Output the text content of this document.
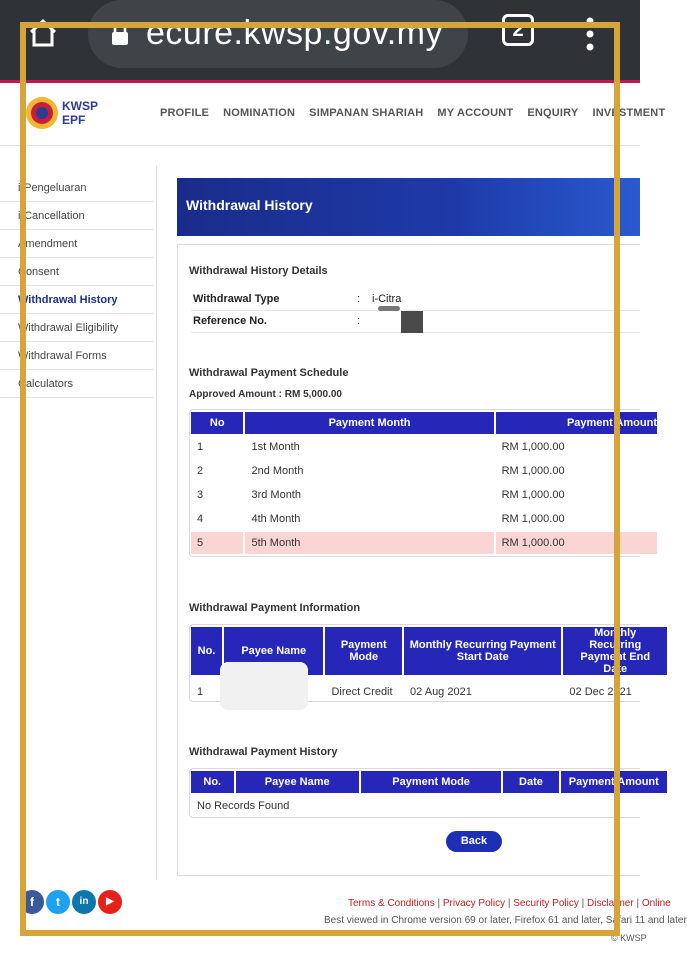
ecure.kwsp.gov.my	2
KWSP
EPF	PROFILE NOMINATION SIMPANAN SHARIAH MY ACCOUNT ENQUIRY INVESTMENT
i-Pengeluaran
i-Cancellation
Amendment
Consent
Withdrawal History
Withdrawal Eligibility
Withdrawal Forms
Calculators
Withdrawal History
Withdrawal History Details
Withdrawal Type	: i-Citra
Reference No.	:
Withdrawal Payment Schedule
Approved Amount : RM 5,000.00
No	Payment Month	Payment Amount
1	1st Month	RM 1,000.00
2	2nd Month	RM 1,000.00
3	3rd Month	RM 1,000.00
4	4th Month	RM 1,000.00
5	5th Month	RM 1,000.00
Withdrawal Payment Information
No.	Payee Name	Payment Mode	Monthly Recurring Payment Start Date	Monthly Recurring Payment End Date
1		Direct Credit	02 Aug 2021	02 Dec 2021
Withdrawal Payment History
No.	Payee Name	Payment Mode	Date	Payment Amount
No Records Found
Back
f	t	in	▶	Terms & Conditions | Privacy Policy | Security Policy | Disclaimer | Online
Best viewed in Chrome version 69 or later, Firefox 61 and later, Safari 11 and later
© KWSP
